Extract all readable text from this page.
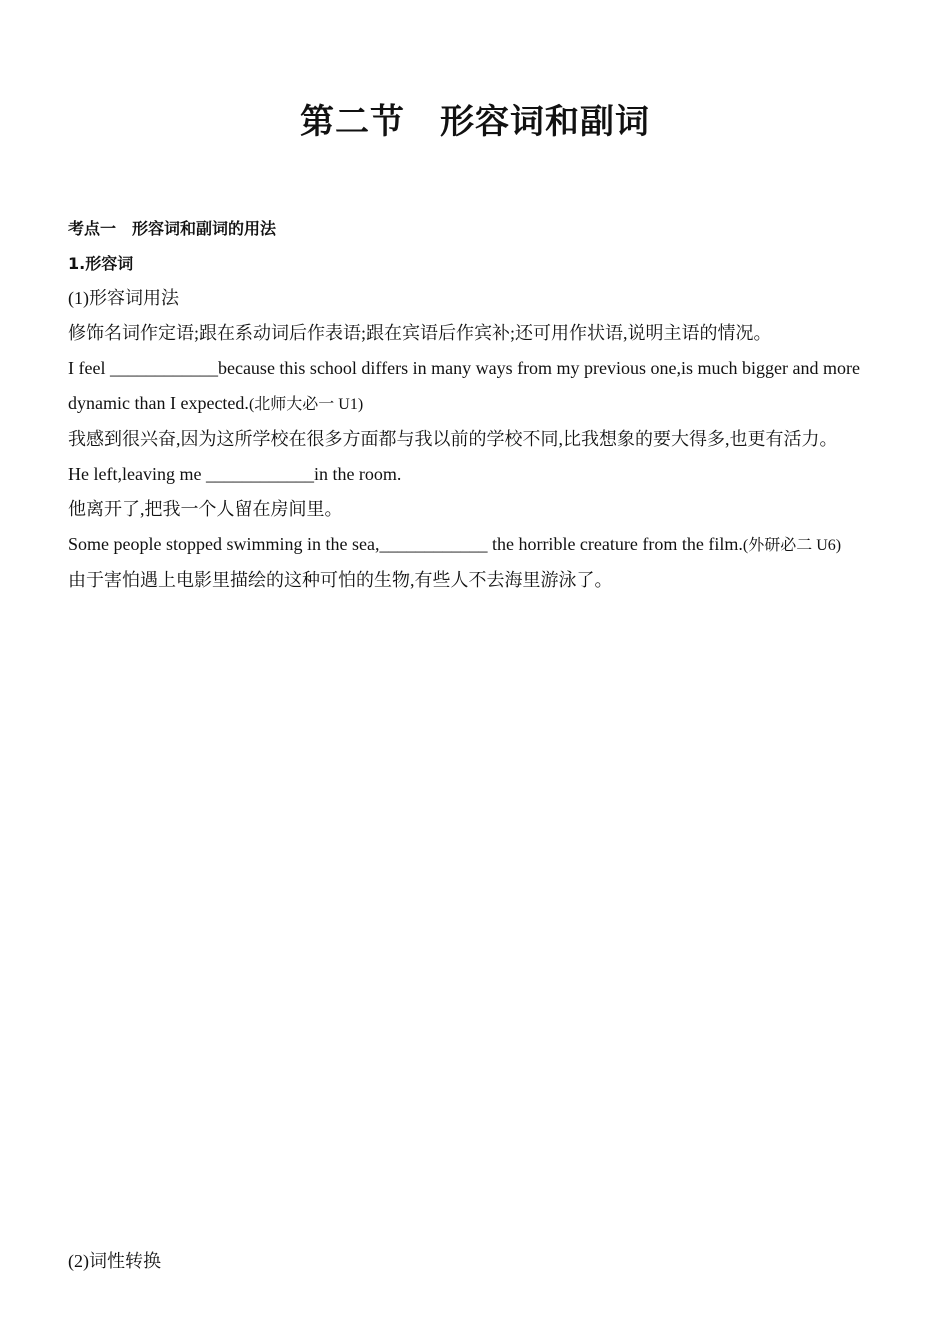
第二节　形容词和副词

考点一　形容词和副词的用法

1.形容词

(1)形容词用法

修饰名词作定语;跟在系动词后作表语;跟在宾语后作宾补;还可用作状语,说明主语的情况。

I feel ____________because this school differs in many ways from my previous one,is much bigger and more dynamic than I expected.(北师大必一 U1)

我感到很兴奋,因为这所学校在很多方面都与我以前的学校不同,比我想象的要大得多,也更有活力。

He left,leaving me ____________in the room.

他离开了,把我一个人留在房间里。

Some people stopped swimming in the sea,____________ the horrible creature from the film.(外研必二 U6)

由于害怕遇上电影里描绘的这种可怕的生物,有些人不去海里游泳了。

(2)词性转换
